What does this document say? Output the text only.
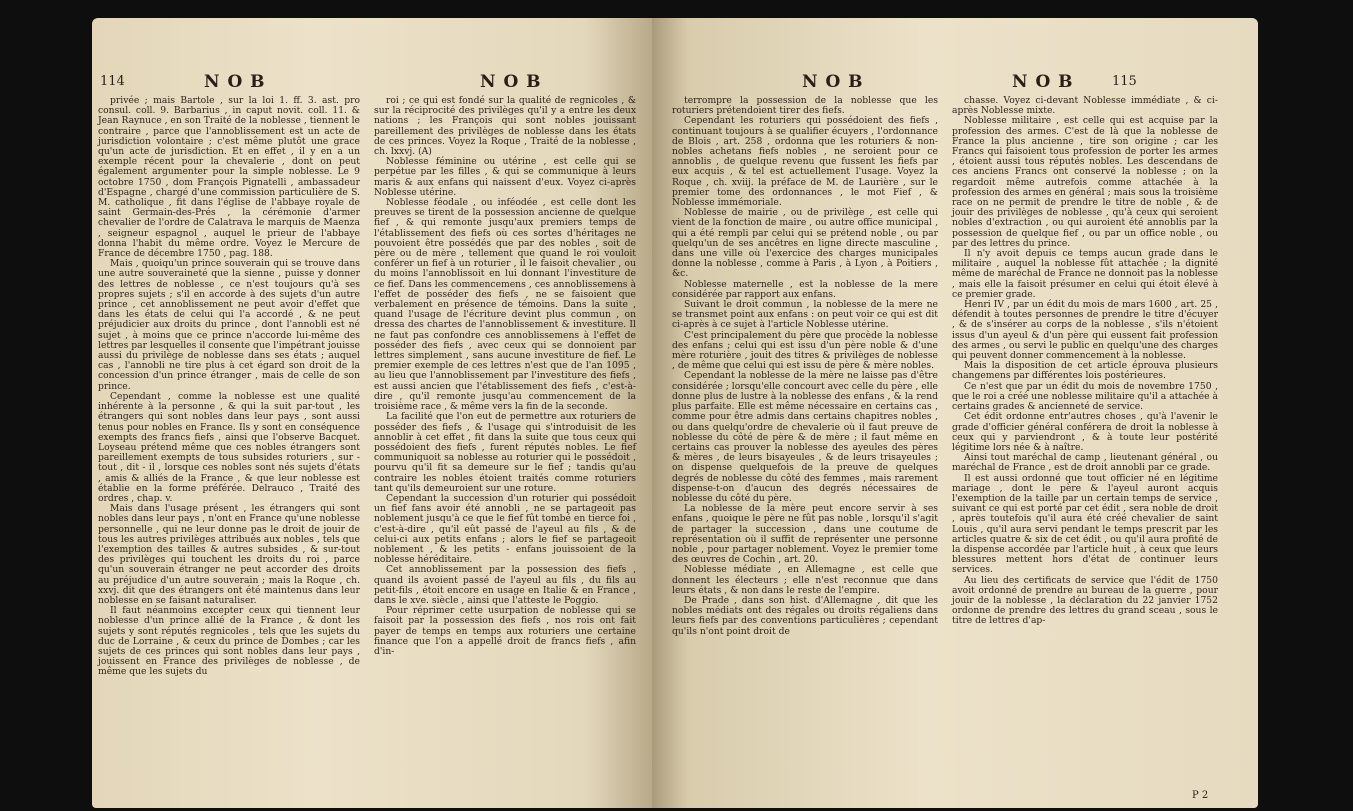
114	N O B	N O B

privée ; mais Bartole , sur la loi 1. ff. 3. ast. pro consul. coll. 9. Barbarius , in caput novit. coll. 11. & Jean Raynuce , en son Traité de la noblesse , tiennent le contraire , parce que l'annoblissement est un acte de jurisdiction volontaire ; c'est même plutôt une grace qu'un acte de jurisdiction. Et en effet , il y en a un exemple récent pour la chevalerie , dont on peut également argumenter pour la simple noblesse. Le 9 octobre 1750 , dom François Pignatelli , ambassadeur d'Espagne , chargé d'une commission particulière de S. M. catholique , fit dans l'église de l'abbaye royale de saint Germain-des-Prés , la cérémonie d'armer chevalier de l'ordre de Calatrava le marquis de Maenza , seigneur espagnol , auquel le prieur de l'abbaye donna l'habit du même ordre. Voyez le Mercure de France de décembre 1750 , pag. 188.

Mais , quoiqu'un prince souverain qui se trouve dans une autre souveraineté que la sienne , puisse y donner des lettres de noblesse , ce n'est toujours qu'à ses propres sujets ; s'il en accorde à des sujets d'un autre prince , cet annoblissement ne peut avoir d'effet que dans les états de celui qui l'a accordé , & ne peut préjudicier aux droits du prince , dont l'annobli est né sujet , à moins que ce prince n'accorde lui-même des lettres par lesquelles il consente que l'impétrant jouisse aussi du privilège de noblesse dans ses états ; auquel cas , l'annobli ne tire plus à cet égard son droit de la concession d'un prince étranger , mais de celle de son prince.

Cependant , comme la noblesse est une qualité inhérente à la personne , & qui la suit par-tout , les étrangers qui sont nobles dans leur pays , sont aussi tenus pour nobles en France. Ils y sont en conséquence exempts des francs fiefs , ainsi que l'observe Bacquet. Loyseau prétend même que ces nobles étrangers sont pareillement exempts de tous subsides roturiers , sur - tout , dit - il , lorsque ces nobles sont nés sujets d'états , amis & alliés de la France , & que leur noblesse est établie en la forme préférée. Delrauco , Traité des ordres , chap. v.

Mais dans l'usage présent , les étrangers qui sont nobles dans leur pays , n'ont en France qu'une noblesse personnelle , qui ne leur donne pas le droit de jouir de tous les autres privilèges attribués aux nobles , tels que l'exemption des tailles & autres subsides , & sur-tout des privilèges qui touchent les droits du roi , parce qu'un souverain étranger ne peut accorder des droits au préjudice d'un autre souverain ; mais la Roque , ch. xxvj. dit que des étrangers ont été maintenus dans leur noblesse en se faisant naturaliser.

Il faut néanmoins excepter ceux qui tiennent leur noblesse d'un prince allié de la France , & dont les sujets y sont réputés regnicoles , tels que les sujets du duc de Lorraine , & ceux du prince de Dombes ; car les sujets de ces princes qui sont nobles dans leur pays , jouissent en France des privilèges de noblesse , de même que les sujets du

roi ; ce qui est fondé sur la qualité de regnicoles , & sur la réciprocité des privilèges qu'il y a entre les deux nations ; les François qui sont nobles jouissant pareillement des privilèges de noblesse dans les états de ces princes. Voyez la Roque , Traité de la noblesse , ch. lxxvj. (A)

Noblesse féminine ou utérine , est celle qui se perpétue par les filles , & qui se communique à leurs maris & aux enfans qui naissent d'eux. Voyez ci-après Noblesse utérine.

Noblesse féodale , ou inféodée , est celle dont les preuves se tirent de la possession ancienne de quelque fief , & qui remonte jusqu'aux premiers temps de l'établissement des fiefs où ces sortes d'héritages ne pouvoient être possédés que par des nobles , soit de père ou de mère , tellement que quand le roi vouloit conférer un fief à un roturier , il le faisoit chevalier , ou du moins l'annoblissoit en lui donnant l'investiture de ce fief. Dans les commencemens , ces annoblissemens à l'effet de posséder des fiefs , ne se faisoient que verbalement en présence de témoins. Dans la suite , quand l'usage de l'écriture devint plus commun , on dressa des chartes de l'annoblissement & investiture. Il ne faut pas confondre ces annoblissemens à l'effet de posséder des fiefs , avec ceux qui se donnoient par lettres simplement , sans aucune investiture de fief. Le premier exemple de ces lettres n'est que de l'an 1095 , au lieu que l'annoblissement par l'investiture des fiefs , est aussi ancien que l'établissement des fiefs , c'est-à-dire , qu'il remonte jusqu'au commencement de la troisième race , & même vers la fin de la seconde.

La facilité que l'on eut de permettre aux roturiers de posséder des fiefs , & l'usage qui s'introduisit de les annoblir à cet effet , fit dans la suite que tous ceux qui possédoient des fiefs , furent réputés nobles. Le fief communiquoit sa noblesse au roturier qui le possédoit , pourvu qu'il fit sa demeure sur le fief ; tandis qu'au contraire les nobles étoient traités comme roturiers tant qu'ils demeuroient sur une roture.

Cependant la succession d'un roturier qui possédoit un fief fans avoir été annobli , ne se partageoit pas noblement jusqu'à ce que le fief fût tombé en tierce foi , c'est-à-dire , qu'il eût passé de l'ayeul au fils , & de celui-ci aux petits enfans ; alors le fief se partageoit noblement , & les petits - enfans jouissoient de la noblesse héréditaire.

Cet annoblissement par la possession des fiefs , quand ils avoient passé de l'ayeul au fils , du fils au petit-fils , étoit encore en usage en Italie & en France , dans le xve. siècle , ainsi que l'atteste le Poggio.

Pour réprimer cette usurpation de noblesse qui se faisoit par la possession des fiefs , nos rois ont fait payer de temps en temps aux roturiers une certaine finance que l'on a appellé droit de francs fiefs , afin d'in-

N O B	N O B	115

terrompre la possession de la noblesse que les roturiers prétendoient tirer des fiefs.

Cependant les roturiers qui possédoient des fiefs , continuant toujours à se qualifier écuyers , l'ordonnance de Blois , art. 258 , ordonna que les roturiers & non-nobles achetans fiefs nobles , ne seroient pour ce annoblis , de quelque revenu que fussent les fiefs par eux acquis , & tel est actuellement l'usage. Voyez la Roque , ch. xviij. la préface de M. de Laurière , sur le premier tome des ordonnances , le mot Fief , & Noblesse immémoriale.

Noblesse de mairie , ou de privilège , est celle qui vient de la fonction de maire , ou autre office municipal , qui a été rempli par celui qui se prétend noble , ou par quelqu'un de ses ancêtres en ligne directe masculine , dans une ville où l'exercice des charges municipales donne la noblesse , comme à Paris , à Lyon , à Poitiers , &c.

Noblesse maternelle , est la noblesse de la mere considérée par rapport aux enfans.

Suivant le droit commun , la noblesse de la mere ne se transmet point aux enfans : on peut voir ce qui est dit ci-après à ce sujet à l'article Noblesse utérine.

C'est principalement du père que procède la noblesse des enfans ; celui qui est issu d'un père noble & d'une mère roturière , jouit des titres & privilèges de noblesse , de même que celui qui est issu de père & mère nobles.

Cependant la noblesse de la mère ne laisse pas d'être considérée ; lorsqu'elle concourt avec celle du père , elle donne plus de lustre à la noblesse des enfans , & la rend plus parfaite. Elle est même nécessaire en certains cas , comme pour être admis dans certains chapitres nobles , ou dans quelqu'ordre de chevalerie où il faut preuve de noblesse du côté de père & de mère ; il faut même en certains cas prouver la noblesse des ayeules des pères & mères , de leurs bisayeules , & de leurs trisayeules ; on dispense quelquefois de la preuve de quelques degrés de noblesse du côté des femmes , mais rarement dispense-t-on d'aucun des degrés nécessaires de noblesse du côté du père.

La noblesse de la mère peut encore servir à ses enfans , quoique le père ne fût pas noble , lorsqu'il s'agit de partager la succession , dans une coutume de représentation où il suffit de représenter une personne noble , pour partager noblement. Voyez le premier tome des œuvres de Cochin , art. 20.

Noblesse médiate , en Allemagne , est celle que donnent les électeurs ; elle n'est reconnue que dans leurs états , & non dans le reste de l'empire.

De Prade , dans son hist. d'Allemagne , dit que les nobles médiats ont des régales ou droits régaliens dans leurs fiefs par des conventions particulières ; cependant qu'ils n'ont point droit de

chasse. Voyez ci-devant Noblesse immédiate , & ci-après Noblesse mixte.

Noblesse militaire , est celle qui est acquise par la profession des armes. C'est de là que la noblesse de France la plus ancienne , tire son origine ; car les Francs qui faisoient tous profession de porter les armes , étoient aussi tous réputés nobles. Les descendans de ces anciens Francs ont conservé la noblesse ; on la regardoit même autrefois comme attachée à la profession des armes en général ; mais sous la troisième race on ne permit de prendre le titre de noble , & de jouir des privilèges de noblesse , qu'à ceux qui seroient nobles d'extraction , ou qui auroient été annoblis par la possession de quelque fief , ou par un office noble , ou par des lettres du prince.

Il n'y avoit depuis ce temps aucun grade dans le militaire , auquel la noblesse fût attachée ; la dignité même de maréchal de France ne donnoit pas la noblesse , mais elle la faisoit présumer en celui qui étoit élevé à ce premier grade.

Henri IV , par un édit du mois de mars 1600 , art. 25 , défendit à toutes personnes de prendre le titre d'écuyer , & de s'insérer au corps de la noblesse , s'ils n'étoient issus d'un ayeul & d'un père qui eussent fait profession des armes , ou servi le public en quelqu'une des charges qui peuvent donner commencement à la noblesse.

Mais la disposition de cet article éprouva plusieurs changemens par différentes lois postérieures.

Ce n'est que par un édit du mois de novembre 1750 , que le roi a créé une noblesse militaire qu'il a attachée à certains grades & ancienneté de service.

Cet édit ordonne entr'autres choses , qu'à l'avenir le grade d'officier général conférera de droit la noblesse à ceux qui y parviendront , & à toute leur postérité légitime lors née & à naître.

Ainsi tout maréchal de camp , lieutenant général , ou maréchal de France , est de droit annobli par ce grade.

Il est aussi ordonné que tout officier né en légitime mariage , dont le père & l'ayeul auront acquis l'exemption de la taille par un certain temps de service , suivant ce qui est porté par cet édit , sera noble de droit , après toutefois qu'il aura été créé chevalier de saint Louis , qu'il aura servi pendant le temps prescrit par les articles quatre & six de cet édit , ou qu'il aura profité de la dispense accordée par l'article huit , à ceux que leurs blessures mettent hors d'état de continuer leurs services.

Au lieu des certificats de service que l'édit de 1750 avoit ordonné de prendre au bureau de la guerre , pour jouir de la noblesse , la déclaration du 22 janvier 1752 ordonne de prendre des lettres du grand sceau , sous le titre de lettres d'ap-

P 2
